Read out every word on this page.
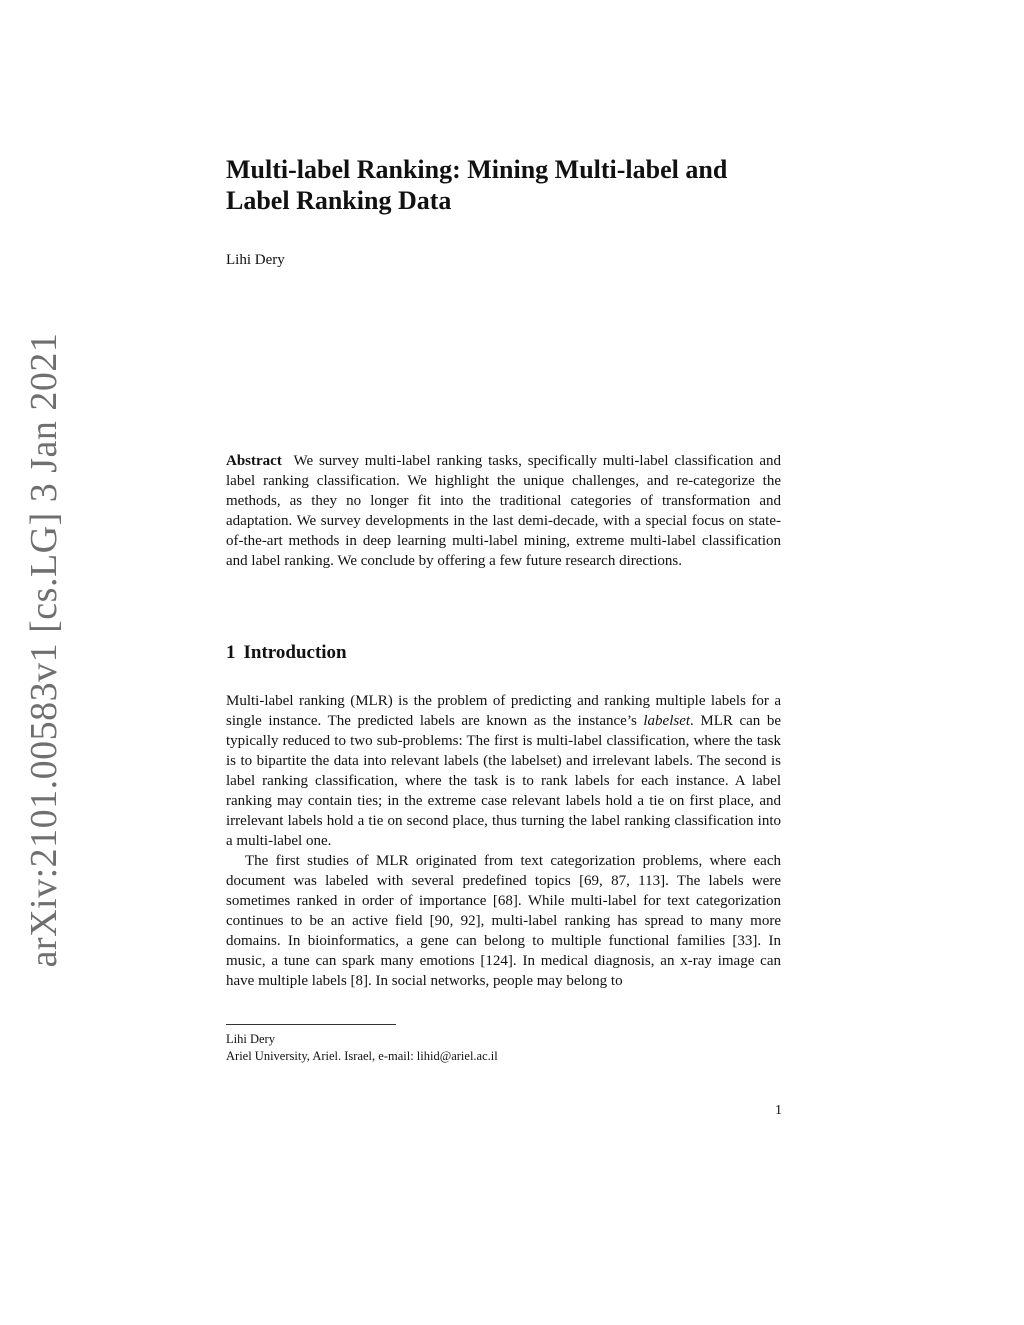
arXiv:2101.00583v1 [cs.LG] 3 Jan 2021
Multi-label Ranking: Mining Multi-label and
Label Ranking Data

Lihi Dery

Abstract We survey multi-label ranking tasks, specifically multi-label classification and label ranking classification. We highlight the unique challenges, and re-categorize the methods, as they no longer fit into the traditional categories of transformation and adaptation. We survey developments in the last demi-decade, with a special focus on state-of-the-art methods in deep learning multi-label mining, extreme multi-label classification and label ranking. We conclude by offering a few future research directions.

1 Introduction

Multi-label ranking (MLR) is the problem of predicting and ranking multiple labels for a single instance. The predicted labels are known as the instance’s labelset. MLR can be typically reduced to two sub-problems: The first is multi-label classification, where the task is to bipartite the data into relevant labels (the labelset) and irrelevant labels. The second is label ranking classification, where the task is to rank labels for each instance. A label ranking may contain ties; in the extreme case relevant labels hold a tie on first place, and irrelevant labels hold a tie on second place, thus turning the label ranking classification into a multi-label one.

The first studies of MLR originated from text categorization problems, where each document was labeled with several predefined topics [69, 87, 113]. The labels were sometimes ranked in order of importance [68]. While multi-label for text categorization continues to be an active field [90, 92], multi-label ranking has spread to many more domains. In bioinformatics, a gene can belong to multiple functional families [33]. In music, a tune can spark many emotions [124]. In medical diagnosis, an x-ray image can have multiple labels [8]. In social networks, people may belong to

Lihi Dery
Ariel University, Ariel. Israel, e-mail: lihid@ariel.ac.il
1
